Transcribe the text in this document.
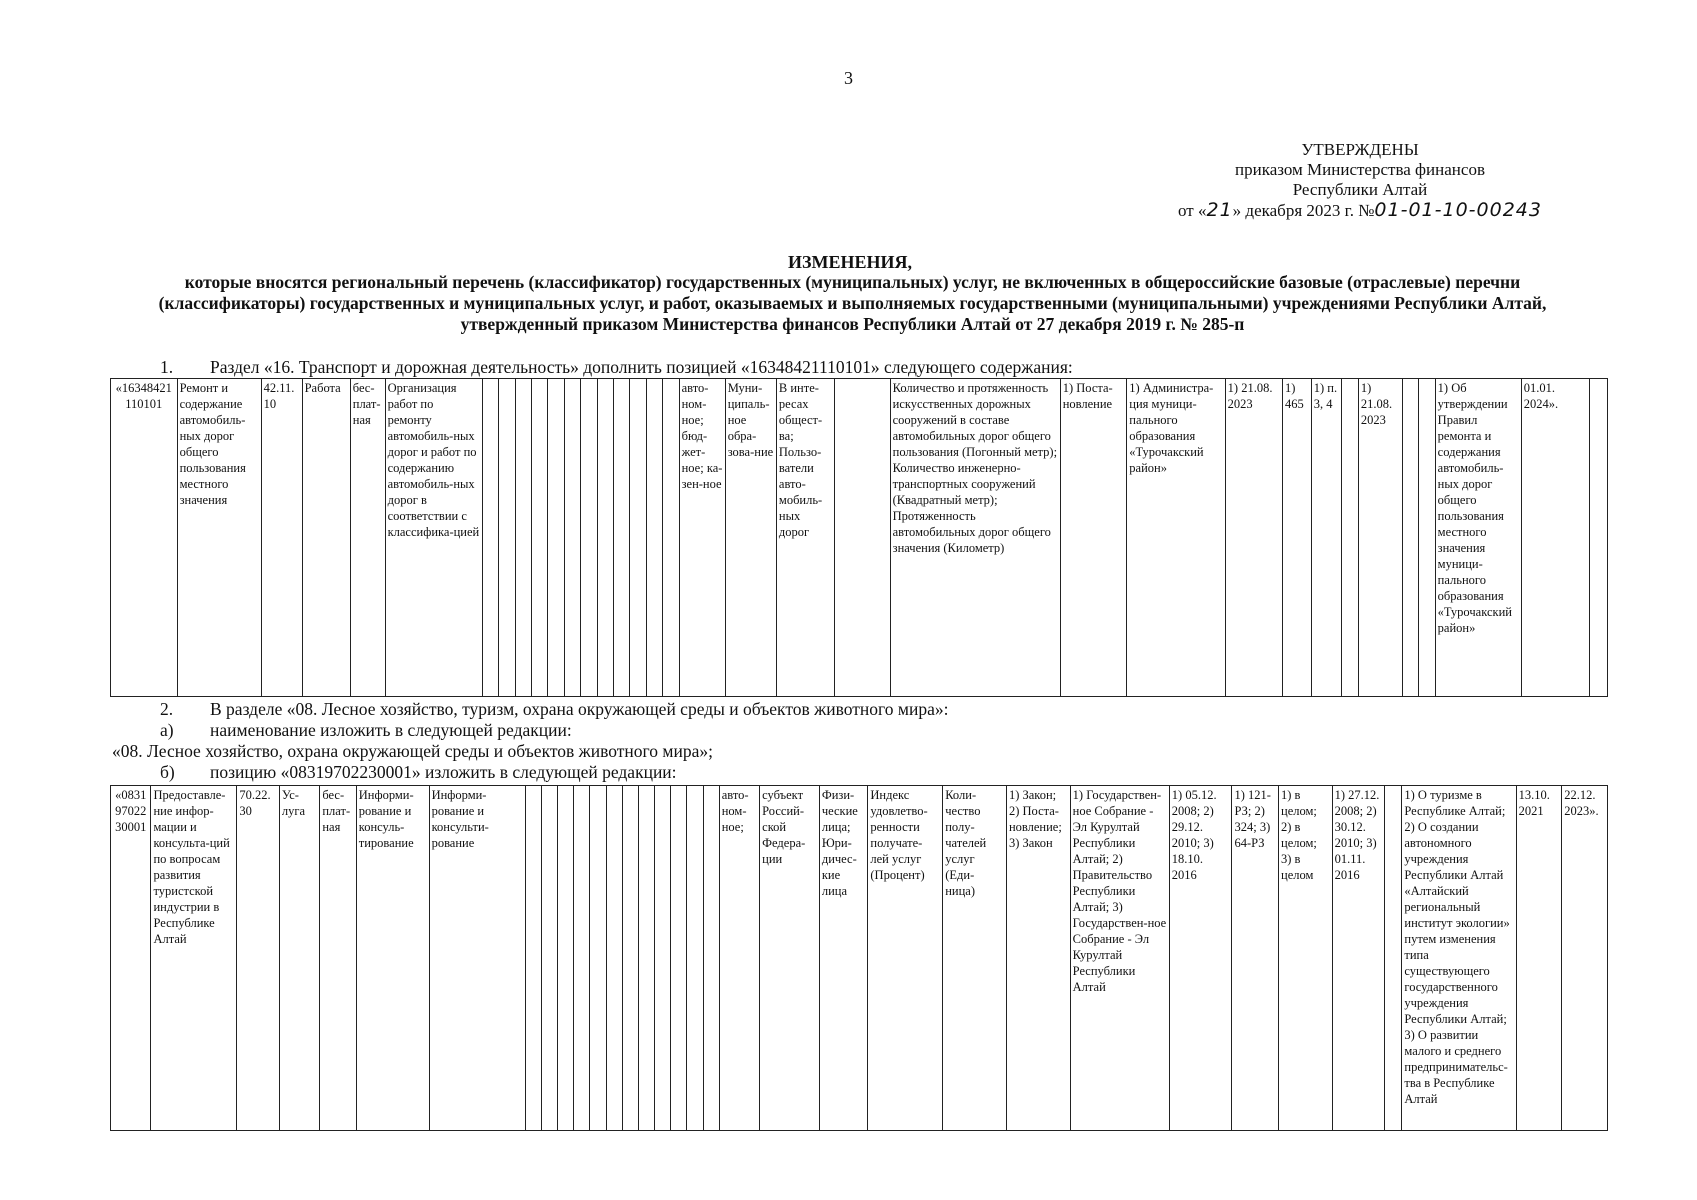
3
УТВЕРЖДЕНЫ
приказом Министерства финансов
Республики Алтай
от «21» декабря 2023 г. №01-01-10-00243
ИЗМЕНЕНИЯ,
которые вносятся региональный перечень (классификатор) государственных (муниципальных) услуг, не включенных в общероссийские базовые (отраслевые) перечни (классификаторы) государственных и муниципальных услуг, и работ, оказываемых и выполняемых государственными (муниципальными) учреждениями Республики Алтай, утвержденный приказом Министерства финансов Республики Алтай от 27 декабря 2019 г. № 285-п
1. Раздел «16. Транспорт и дорожная деятельность» дополнить позицией «16348421110101» следующего содержания:
«16348421110101	Ремонт и содержание автомобиль-ных дорог общего пользования местного значения	42.11.10	Работа	бес-плат-ная	Организация работ по ремонту автомобиль-ных дорог и работ по содержанию автомобиль-ных дорог в соответствии с классифика-цией													авто-ном-ное; бюд-жет-ное; ка-зен-ное	Муни-ципаль-ное обра-зова-ние	В инте-ресах общест-ва; Пользо-ватели авто-мобиль-ных дорог		Количество и протяженность искусственных дорожных сооружений в составе автомобильных дорог общего пользования (Погонный метр); Количество инженерно-транспортных сооружений (Квадратный метр); Протяженность автомобильных дорог общего значения (Километр)	1) Поста-новление	1) Администра-ция муници-пального образования «Турочакский район»	1) 21.08. 2023	1) 465	1) п. 3, 4		1) 21.08. 2023			1) Об утверждении Правил ремонта и содержания автомобиль-ных дорог общего пользования местного значения муници-пального образования «Турочакский район»	01.01. 2024».	
2. В разделе «08. Лесное хозяйство, туризм, охрана окружающей среды и объектов животного мира»:
а) наименование изложить в следующей редакции:
«08. Лесное хозяйство, охрана окружающей среды и объектов животного мира»;
б) позицию «08319702230001» изложить в следующей редакции:
«08319702230001	Предоставле-ние инфор-мации и консульта-ций по вопросам развития туристской индустрии в Республике Алтай	70.22.30	Ус-луга	бес-плат-ная	Информи-рование и консуль-тирование	Информи-рование и консульти-рование													авто-ном-ное;	субъект Россий-ской Федера-ции	Физи-ческие лица; Юри-дичес-кие лица	Индекс удовлетво-ренности получате-лей услуг (Процент)	Коли-чество полу-чателей услуг (Еди-ница)	1) Закон; 2) Поста-новление; 3) Закон	1) Государствен-ное Собрание - Эл Курултай Республики Алтай; 2) Правительство Республики Алтай; 3) Государствен-ное Собрание - Эл Курултай Республики Алтай	1) 05.12. 2008; 2) 29.12. 2010; 3) 18.10. 2016	1) 121-РЗ; 2) 324; 3) 64-РЗ	1) в целом; 2) в целом; 3) в целом	1) 27.12. 2008; 2) 30.12. 2010; 3) 01.11. 2016		1) О туризме в Республике Алтай; 2) О создании автономного учреждения Республики Алтай «Алтайский региональный институт экологии» путем изменения типа существующего государственного учреждения Республики Алтай; 3) О развитии малого и среднего предпринимательс-тва в Республике Алтай	13.10. 2021	22.12. 2023».
